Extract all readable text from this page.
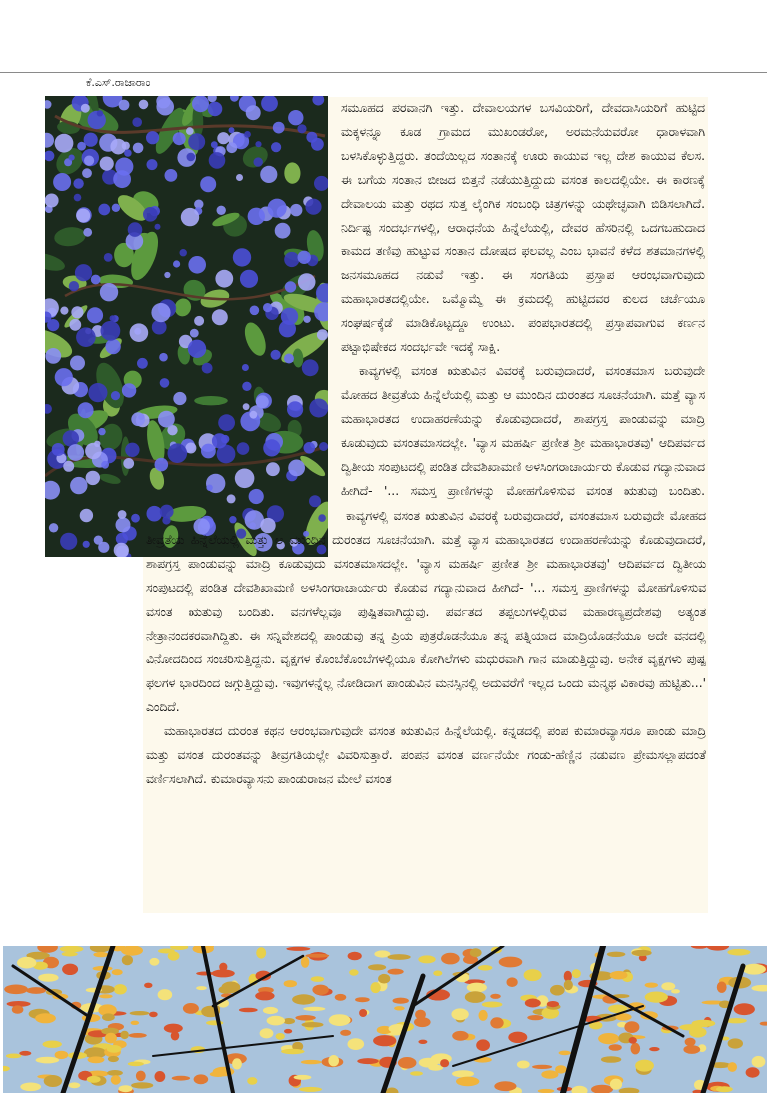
ಕೆ.ಎಸ್.ರಾಜಾರಾಂ

ಸಮೂಹದ ಪರವಾನಗಿ ಇತ್ತು. ದೇವಾಲಯಗಳ ಬಸವಿಯರಿಗೆ, ದೇವದಾಸಿಯರಿಗೆ ಹುಟ್ಟಿದ ಮಕ್ಕಳನ್ನೂ ಕೂಡ ಗ್ರಾಮದ ಮುಖಂಡರೋ, ಅರಮನೆಯವರೋ ಧಾರಾಳವಾಗಿ ಬಳಸಿಕೊಳ್ಳುತ್ತಿದ್ದರು. ತಂದೆಯಿಲ್ಲದ ಸಂತಾನಕ್ಕೆ ಊರು ಕಾಯುವ ಇಲ್ಲ ದೇಶ ಕಾಯುವ ಕೆಲಸ. ಈ ಬಗೆಯ ಸಂತಾನ ಬೀಜದ ಬಿತ್ತನೆ ನಡೆಯುತ್ತಿದ್ದುದು ವಸಂತ ಕಾಲದಲ್ಲಿಯೇ. ಈ ಕಾರಣಕ್ಕೆ ದೇವಾಲಯ ಮತ್ತು ರಥದ ಸುತ್ತ ಲೈಂಗಿಕ ಸಂಬಂಧಿ ಚಿತ್ರಗಳನ್ನು ಯಥೇಚ್ಛವಾಗಿ ಬಿಡಿಸಲಾಗಿದೆ. ನಿರ್ದಿಷ್ಟ ಸಂದರ್ಭಗಳಲ್ಲಿ, ಆರಾಧನೆಯ ಹಿನ್ನೆಲೆಯಲ್ಲಿ, ದೇವರ ಹೆಸರಿನಲ್ಲಿ ಒದಗಬಹುದಾದ ಕಾಮದ ತಣಿವು ಹುಟ್ಟುವ ಸಂತಾನ ದೋಷದ ಫಲವಲ್ಲ ಎಂಬ ಭಾವನೆ ಕಳೆದ ಶತಮಾನಗಳಲ್ಲಿ ಜನಸಮೂಹದ ನಡುವೆ ಇತ್ತು. ಈ ಸಂಗತಿಯ ಪ್ರಸ್ತಾಪ ಆರಂಭವಾಗುವುದು ಮಹಾಭಾರತದಲ್ಲಿಯೇ. ಒಮ್ಮೊಮ್ಮೆ ಈ ಕ್ರಮದಲ್ಲಿ ಹುಟ್ಟಿದವರ ಕುಲದ ಚರ್ಚೆಯೂ ಸಂಘರ್ಷಕ್ಕೆಡೆ ಮಾಡಿಕೊಟ್ಟದ್ದೂ ಉಂಟು. ಪಂಪಭಾರತದಲ್ಲಿ ಪ್ರಸ್ತಾಪವಾಗುವ ಕರ್ಣನ ಪಟ್ಟಾಭಿಷೇಕದ ಸಂದರ್ಭವೇ ಇದಕ್ಕೆ ಸಾಕ್ಷಿ.

ಕಾವ್ಯಗಳಲ್ಲಿ ವಸಂತ ಋತುವಿನ ವಿವರಕ್ಕೆ ಬರುವುದಾದರೆ, ವಸಂತಮಾಸ ಬರುವುದೇ ಮೋಹದ ತೀವ್ರತೆಯ ಹಿನ್ನೆಲೆಯಲ್ಲಿ ಮತ್ತು ಆ ಮುಂದಿನ ದುರಂತದ ಸೂಚನೆಯಾಗಿ. ಮತ್ತೆ ವ್ಯಾಸ ಮಹಾಭಾರತದ ಉದಾಹರಣೆಯನ್ನು ಕೊಡುವುದಾದರೆ, ಶಾಪಗ್ರಸ್ತ ಪಾಂಡುವನ್ನು ಮಾದ್ರಿ ಕೂಡುವುದು ವಸಂತಮಾಸದಲ್ಲೇ. 'ವ್ಯಾಸ ಮಹರ್ಷಿ ಪ್ರಣೀತ ಶ್ರೀ ಮಹಾಭಾರತವು' ಆದಿಪರ್ವದ ದ್ವಿತೀಯ ಸಂಪುಟದಲ್ಲಿ ಪಂಡಿತ ದೇವಶಿಖಾಮಣಿ ಅಳಸಿಂಗರಾಚಾರ್ಯರು ಕೊಡುವ ಗದ್ಯಾನುವಾದ ಹೀಗಿದೆ- '... ಸಮಸ್ತ ಪ್ರಾಣಿಗಳನ್ನು ಮೋಹಗೊಳಿಸುವ ವಸಂತ ಋತುವು ಬಂದಿತು.

ಕಾವ್ಯಗಳಲ್ಲಿ ವಸಂತ ಋತುವಿನ ವಿವರಕ್ಕೆ ಬರುವುದಾದರೆ, ವಸಂತಮಾಸ ಬರುವುದೇ ಮೋಹದ ತೀವ್ರತೆಯ ಹಿನ್ನೆಲೆಯಲ್ಲಿ ಮತ್ತು ಆ ಮುಂದಿನ ದುರಂತದ ಸೂಚನೆಯಾಗಿ. ಮತ್ತೆ ವ್ಯಾಸ ಮಹಾಭಾರತದ ಉದಾಹರಣೆಯನ್ನು ಕೊಡುವುದಾದರೆ, ಶಾಪಗ್ರಸ್ತ ಪಾಂಡುವನ್ನು ಮಾದ್ರಿ ಕೂಡುವುದು ವಸಂತಮಾಸದಲ್ಲೇ. 'ವ್ಯಾಸ ಮಹರ್ಷಿ ಪ್ರಣೀತ ಶ್ರೀ ಮಹಾಭಾರತವು' ಆದಿಪರ್ವದ ದ್ವಿತೀಯ ಸಂಪುಟದಲ್ಲಿ ಪಂಡಿತ ದೇವಶಿಖಾಮಣಿ ಅಳಸಿಂಗರಾಚಾರ್ಯರು ಕೊಡುವ ಗದ್ಯಾನುವಾದ ಹೀಗಿದೆ- '... ಸಮಸ್ತ ಪ್ರಾಣಿಗಳನ್ನು ಮೋಹಗೊಳಿಸುವ ವಸಂತ ಋತುವು ಬಂದಿತು. ವನಗಳೆಲ್ಲವೂ ಪುಷ್ಪಿತವಾಗಿದ್ದುವು. ಪರ್ವತದ ತಪ್ಪಲುಗಳಲ್ಲಿರುವ ಮಹಾರಣ್ಯಪ್ರದೇಶವು ಅತ್ಯಂತ ನೇತ್ರಾನಂದಕರವಾಗಿದ್ದಿತು. ಈ ಸನ್ನಿವೇಶದಲ್ಲಿ ಪಾಂಡುವು ತನ್ನ ಪ್ರಿಯ ಪುತ್ರರೊಡನೆಯೂ ತನ್ನ ಪತ್ನಿಯಾದ ಮಾದ್ರಿಯೊಡನೆಯೂ ಅದೇ ವನದಲ್ಲಿ ವಿನೋದದಿಂದ ಸಂಚರಿಸುತ್ತಿದ್ದನು. ವೃಕ್ಷಗಳ ಕೊಂಬೆಕೊಂಬೆಗಳಲ್ಲಿಯೂ ಕೋಗಿಲೆಗಳು ಮಧುರವಾಗಿ ಗಾನ ಮಾಡುತ್ತಿದ್ದುವು. ಅನೇಕ ವೃಕ್ಷಗಳು ಪುಷ್ಪ ಫಲಗಳ ಭಾರದಿಂದ ಜಗ್ಗುತ್ತಿದ್ದುವು. ಇವುಗಳನ್ನೆಲ್ಲ ನೋಡಿದಾಗ ಪಾಂಡುವಿನ ಮನಸ್ಸಿನಲ್ಲಿ ಅದುವರೆಗೆ ಇಲ್ಲದ ಒಂದು ಮನ್ಮಥ ವಿಕಾರವು ಹುಟ್ಟಿತು...' ಎಂದಿದೆ.

ಮಹಾಭಾರತದ ದುರಂತ ಕಥನ ಆರಂಭವಾಗುವುದೇ ವಸಂತ ಋತುವಿನ ಹಿನ್ನೆಲೆಯಲ್ಲಿ. ಕನ್ನಡದಲ್ಲಿ ಪಂಪ ಕುಮಾರವ್ಯಾಸರೂ ಪಾಂಡು ಮಾದ್ರಿ ಮತ್ತು ವಸಂತ ದುರಂತವನ್ನು ತೀವ್ರಗತಿಯಲ್ಲೇ ವಿವರಿಸುತ್ತಾರೆ. ಪಂಪನ ವಸಂತ ವರ್ಣನೆಯೇ ಗಂಡು-ಹೆಣ್ಣಿನ ನಡುವಣ ಪ್ರೇಮಸಲ್ಲಾಪದಂತೆ ವರ್ಣಿಸಲಾಗಿದೆ. ಕುಮಾರವ್ಯಾಸನು ಪಾಂಡುರಾಜನ ಮೇಲೆ ವಸಂತ
